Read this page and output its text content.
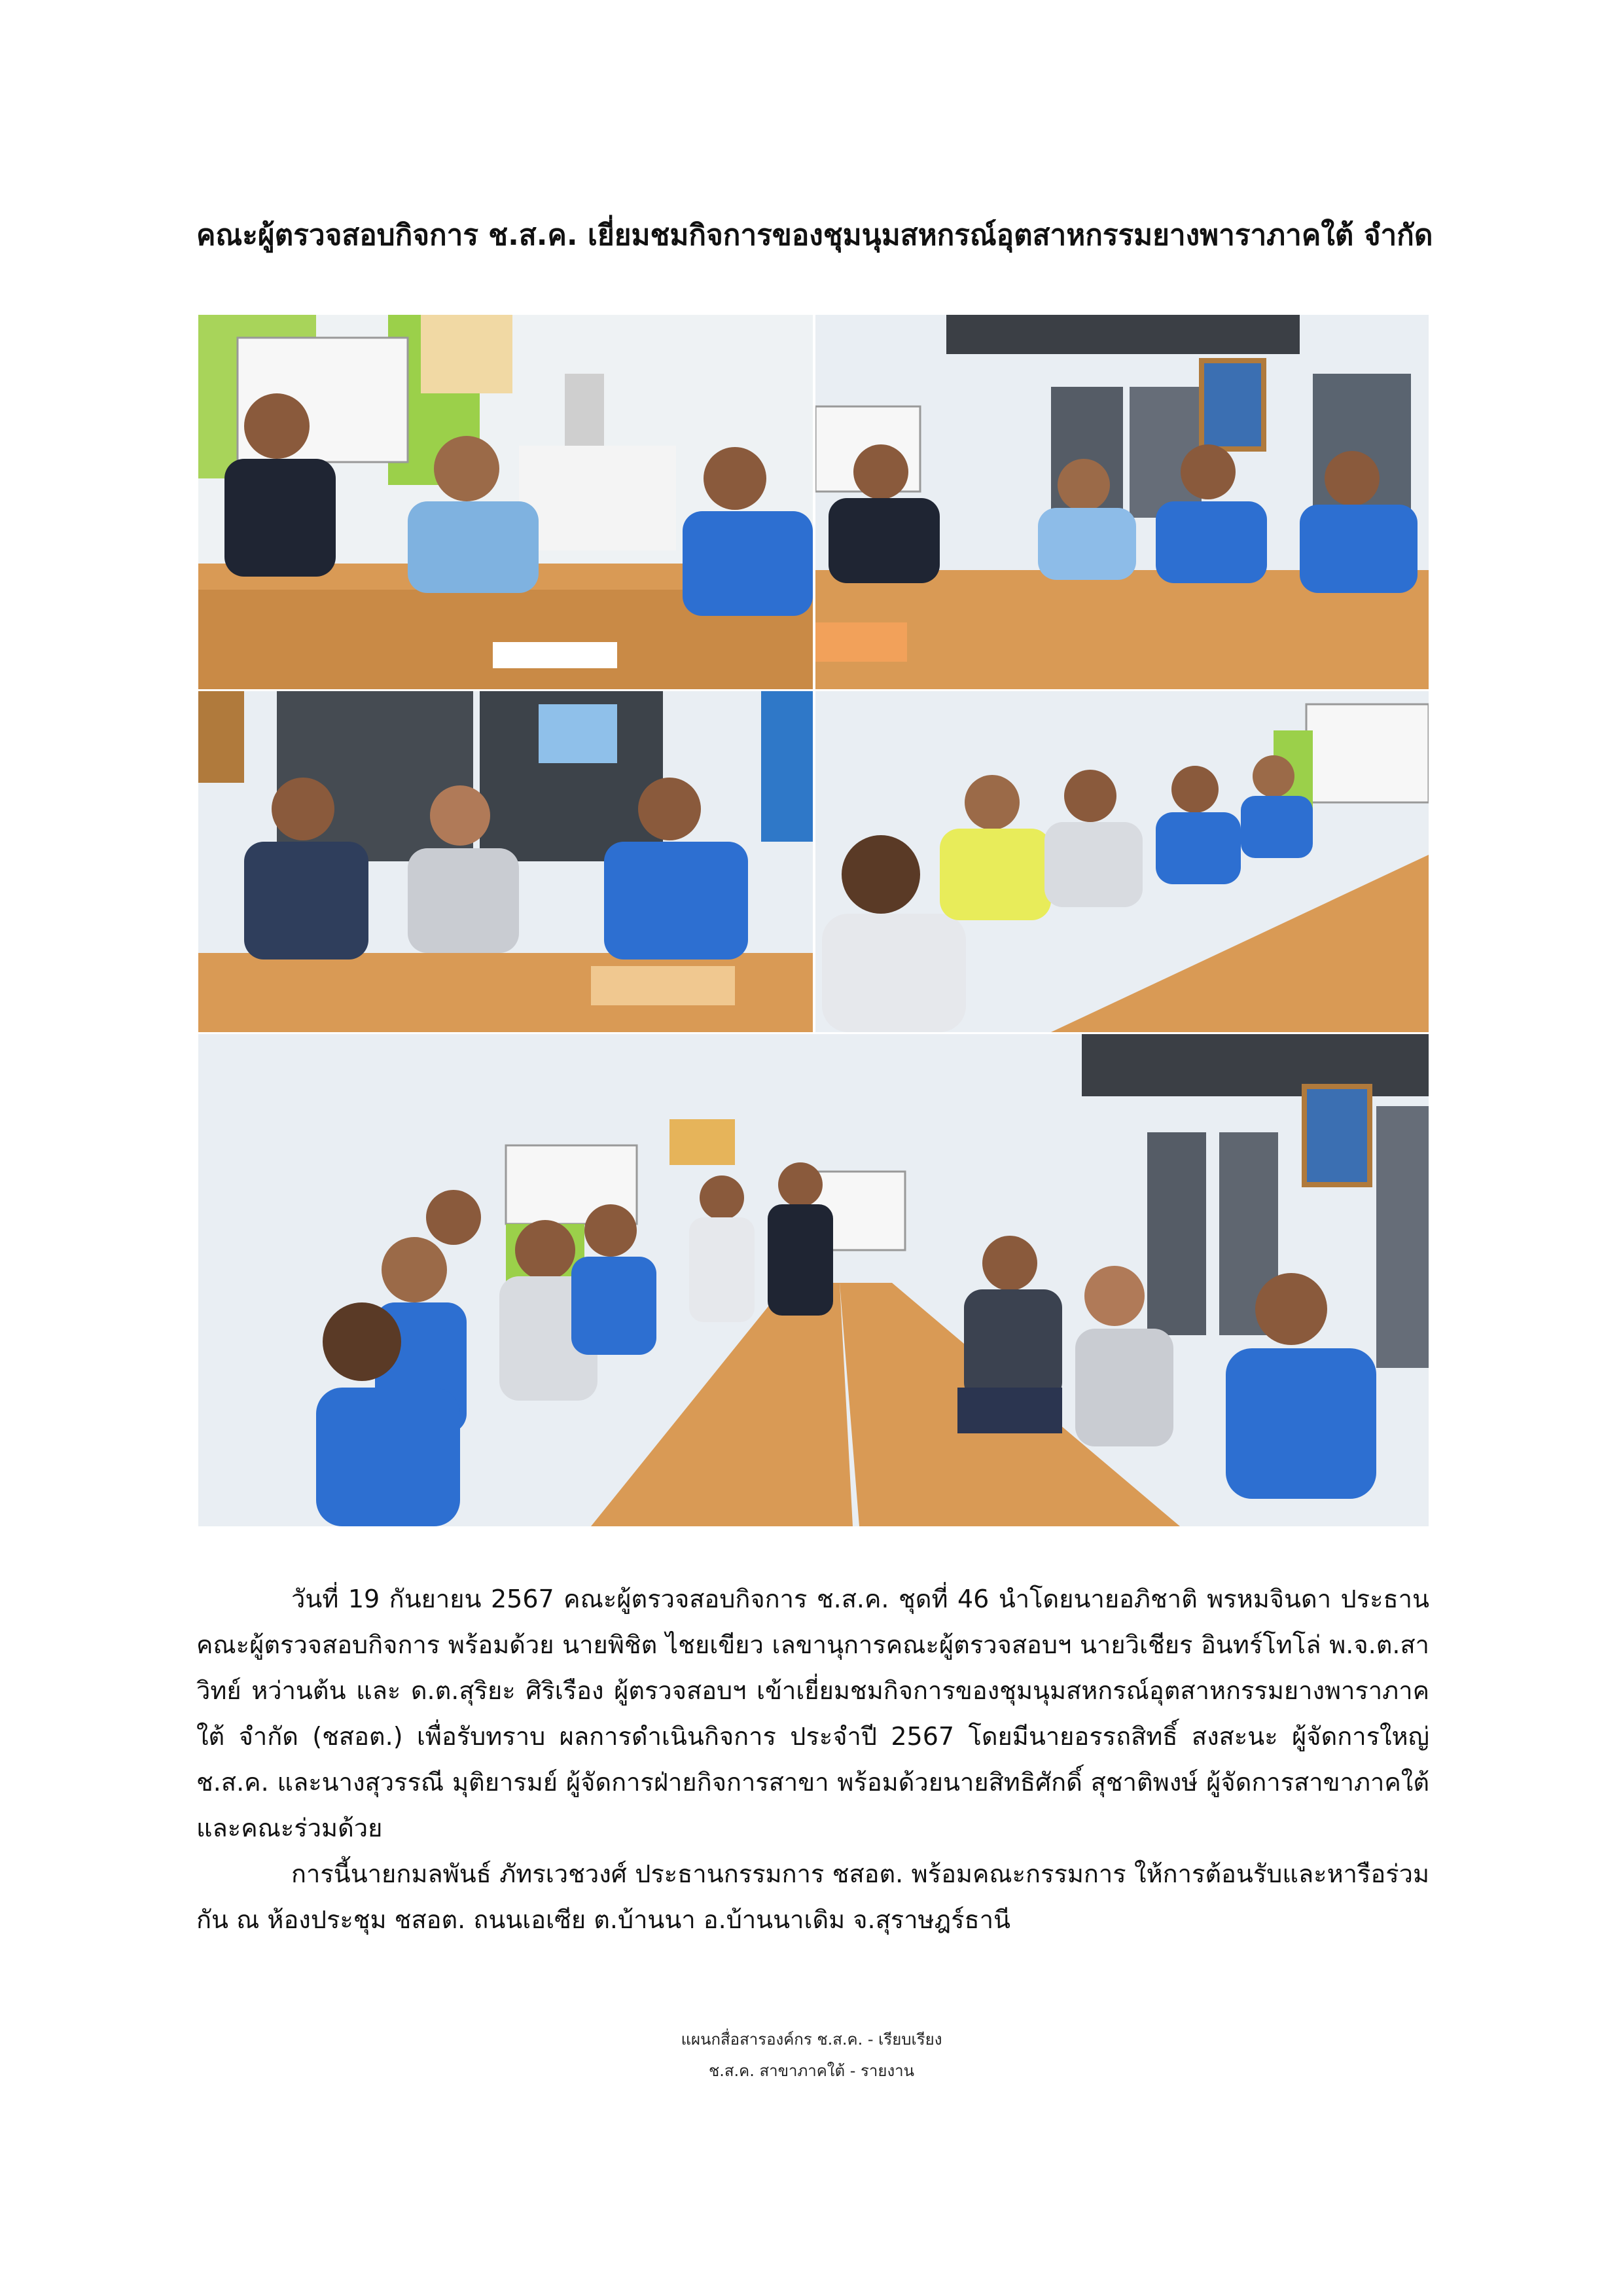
คณะผู้ตรวจสอบกิจการ ช.ส.ค. เยี่ยมชมกิจการของชุมนุมสหกรณ์อุตสาหกรรมยางพาราภาคใต้ จำกัด

วันที่ 19 กันยายน 2567 คณะผู้ตรวจสอบกิจการ ช.ส.ค. ชุดที่ 46 นำโดยนายอภิชาติ พรหมจินดา ประธานคณะผู้ตรวจสอบกิจการ พร้อมด้วย นายพิชิต ไชยเขียว เลขานุการคณะผู้ตรวจสอบฯ นายวิเชียร อินทร์โทโล่ พ.จ.ต.สาวิทย์ หว่านต้น และ ด.ต.สุริยะ ศิริเรือง ผู้ตรวจสอบฯ เข้าเยี่ยมชมกิจการของชุมนุมสหกรณ์อุตสาหกรรมยางพาราภาคใต้ จำกัด (ชสอต.) เพื่อรับทราบ ผลการดำเนินกิจการ ประจำปี 2567 โดยมีนายอรรถสิทธิ์ สงสะนะ ผู้จัดการใหญ่ ช.ส.ค. และนางสุวรรณี มุติยารมย์ ผู้จัดการฝ่ายกิจการสาขา พร้อมด้วยนายสิทธิศักดิ์ สุชาติพงษ์ ผู้จัดการสาขาภาคใต้ และคณะร่วมด้วย

การนี้นายกมลพันธ์ ภัทรเวชวงศ์ ประธานกรรมการ ชสอต. พร้อมคณะกรรมการ ให้การต้อนรับและหารือร่วมกัน ณ ห้องประชุม ชสอต. ถนนเอเซีย ต.บ้านนา อ.บ้านนาเดิม จ.สุราษฎร์ธานี

แผนกสื่อสารองค์กร ช.ส.ค. - เรียบเรียง
ช.ส.ค. สาขาภาคใต้ - รายงาน
